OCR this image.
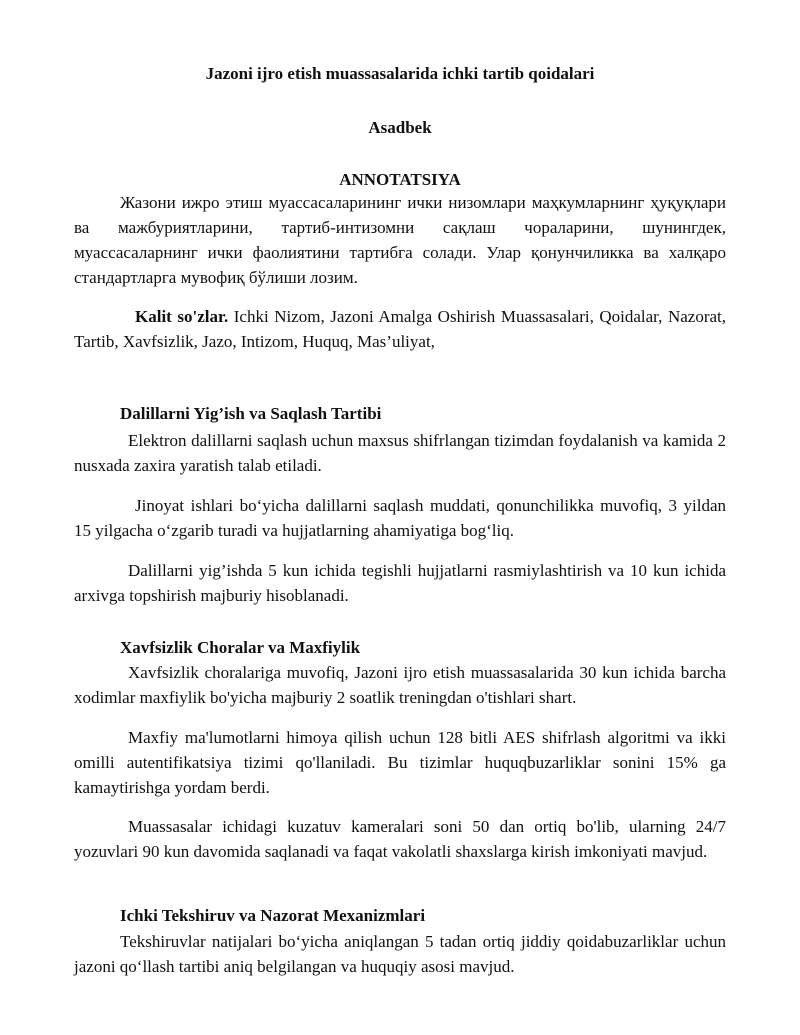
Jazoni ijro etish muassasalarida ichki tartib qoidalari

Asadbek

ANNOTATSIYA

Жазони ижро этиш муассасаларининг ички низомлари маҳкумларнинг ҳуқуқлари ва мажбуриятларини, тартиб-интизомни сақлаш чораларини, шунингдек, муассасаларнинг ички фаолиятини тартибга солади. Улар қонунчиликка ва халқаро стандартларга мувофиқ бўлиши лозим.

Kalit so'zlar. Ichki Nizom, Jazoni Amalga Oshirish Muassasalari, Qoidalar, Nazorat, Tartib, Xavfsizlik, Jazo, Intizom, Huquq, Mas’uliyat,

Dalillarni Yig’ish va Saqlash Tartibi

Elektron dalillarni saqlash uchun maxsus shifrlangan tizimdan foydalanish va kamida 2 nusxada zaxira yaratish talab etiladi.

Jinoyat ishlari bo‘yicha dalillarni saqlash muddati, qonunchilikka muvofiq, 3 yildan 15 yilgacha o‘zgarib turadi va hujjatlarning ahamiyatiga bog‘liq.

Dalillarni yig’ishda 5 kun ichida tegishli hujjatlarni rasmiylashtirish va 10 kun ichida arxivga topshirish majburiy hisoblanadi.

Xavfsizlik Choralar va Maxfiylik

Xavfsizlik choralariga muvofiq, Jazoni ijro etish muassasalarida 30 kun ichida barcha xodimlar maxfiylik bo'yicha majburiy 2 soatlik treningdan o'tishlari shart.

Maxfiy ma'lumotlarni himoya qilish uchun 128 bitli AES shifrlash algoritmi va ikki omilli autentifikatsiya tizimi qo'llaniladi. Bu tizimlar huquqbuzarliklar sonini 15% ga kamaytirishga yordam berdi.

Muassasalar ichidagi kuzatuv kameralari soni 50 dan ortiq bo'lib, ularning 24/7 yozuvlari 90 kun davomida saqlanadi va faqat vakolatli shaxslarga kirish imkoniyati mavjud.

Ichki Tekshiruv va Nazorat Mexanizmlari

Tekshiruvlar natijalari bo‘yicha aniqlangan 5 tadan ortiq jiddiy qoidabuzarliklar uchun jazoni qo‘llash tartibi aniq belgilangan va huquqiy asosi mavjud.
